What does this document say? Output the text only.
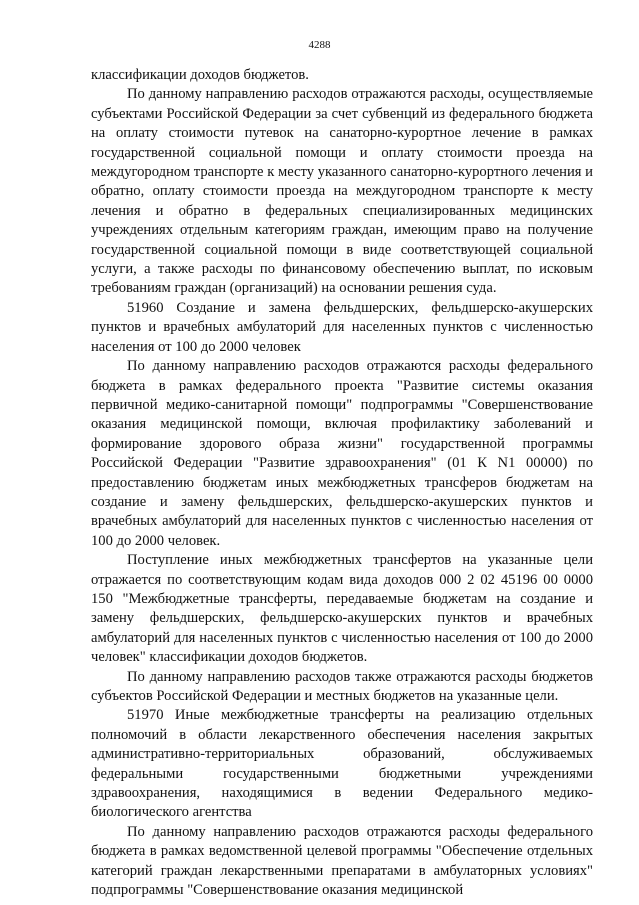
4288

классификации доходов бюджетов.

По данному направлению расходов отражаются расходы, осуществляемые субъектами Российской Федерации за счет субвенций из федерального бюджета на оплату стоимости путевок на санаторно-курортное лечение в рамках государственной социальной помощи и оплату стоимости проезда на междугородном транспорте к месту указанного санаторно-курортного лечения и обратно, оплату стоимости проезда на междугородном транспорте к месту лечения и обратно в федеральных специализированных медицинских учреждениях отдельным категориям граждан, имеющим право на получение государственной социальной помощи в виде соответствующей социальной услуги, а также расходы по финансовому обеспечению выплат, по исковым требованиям граждан (организаций) на основании решения суда.

51960 Создание и замена фельдшерских, фельдшерско-акушерских пунктов и врачебных амбулаторий для населенных пунктов с численностью населения от 100 до 2000 человек

По данному направлению расходов отражаются расходы федерального бюджета в рамках федерального проекта "Развитие системы оказания первичной медико-санитарной помощи" подпрограммы "Совершенствование оказания медицинской помощи, включая профилактику заболеваний и формирование здорового образа жизни" государственной программы Российской Федерации "Развитие здравоохранения" (01 К N1 00000) по предоставлению бюджетам иных межбюджетных трансферов бюджетам на создание и замену фельдшерских, фельдшерско-акушерских пунктов и врачебных амбулаторий для населенных пунктов с численностью населения от 100 до 2000 человек.

Поступление иных межбюджетных трансфертов на указанные цели отражается по соответствующим кодам вида доходов 000 2 02 45196 00 0000 150 "Межбюджетные трансферты, передаваемые бюджетам на создание и замену фельдшерских, фельдшерско-акушерских пунктов и врачебных амбулаторий для населенных пунктов с численностью населения от 100 до 2000 человек" классификации доходов бюджетов.

По данному направлению расходов также отражаются расходы бюджетов субъектов Российской Федерации и местных бюджетов на указанные цели.

51970 Иные межбюджетные трансферты на реализацию отдельных полномочий в области лекарственного обеспечения населения закрытых административно-территориальных образований, обслуживаемых федеральными государственными бюджетными учреждениями здравоохранения, находящимися в ведении Федерального медико-биологического агентства

По данному направлению расходов отражаются расходы федерального бюджета в рамках ведомственной целевой программы "Обеспечение отдельных категорий граждан лекарственными препаратами в амбулаторных условиях" подпрограммы "Совершенствование оказания медицинской
